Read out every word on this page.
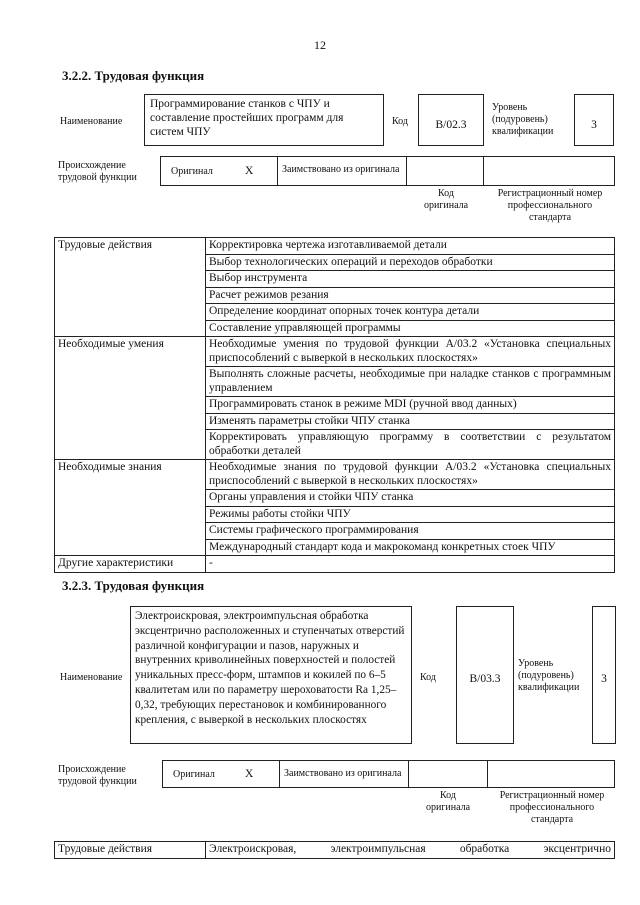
12
3.2.2. Трудовая функция
Наименование
Программирование станков с ЧПУ и составление простейших программ для систем ЧПУ
Код	B/02.3
Уровень (подуровень) квалификации
3
Происхождение трудовой функции
Оригинал	X	Заимствовано из оригинала
Код оригинала
Регистрационный номер профессионального стандарта
Трудовые действия	Корректировка чертежа изготавливаемой детали
	Выбор технологических операций и переходов обработки
	Выбор инструмента
	Расчет режимов резания
	Определение координат опорных точек контура детали
	Составление управляющей программы
Необходимые умения	Необходимые умения по трудовой функции А/03.2 «Установка специальных приспособлений с выверкой в нескольких плоскостях»
	Выполнять сложные расчеты, необходимые при наладке станков с программным управлением
	Программировать станок в режиме MDI (ручной ввод данных)
	Изменять параметры стойки ЧПУ станка
	Корректировать управляющую программу в соответствии с результатом обработки деталей
Необходимые знания	Необходимые знания по трудовой функции А/03.2 «Установка специальных приспособлений с выверкой в нескольких плоскостях»
	Органы управления и стойки ЧПУ станка
	Режимы работы стойки ЧПУ
	Системы графического программирования
	Международный стандарт кода и макрокоманд конкретных стоек ЧПУ
Другие характеристики	-
3.2.3. Трудовая функция
Наименование
Электроискровая, электроимпульсная обработка эксцентрично расположенных и ступенчатых отверстий различной конфигурации и пазов, наружных и внутренних криволинейных поверхностей и полостей уникальных пресс-форм, штампов и кокилей по 6–5 квалитетам или по параметру шероховатости Ra 1,25–0,32, требующих перестановок и комбинированного крепления, с выверкой в нескольких плоскостях
Код	B/03.3
Уровень (подуровень) квалификации
3
Происхождение трудовой функции
Оригинал	X	Заимствовано из оригинала
Код оригинала
Регистрационный номер профессионального стандарта
Трудовые действия	Электроискровая, электроимпульсная обработка эксцентрично
